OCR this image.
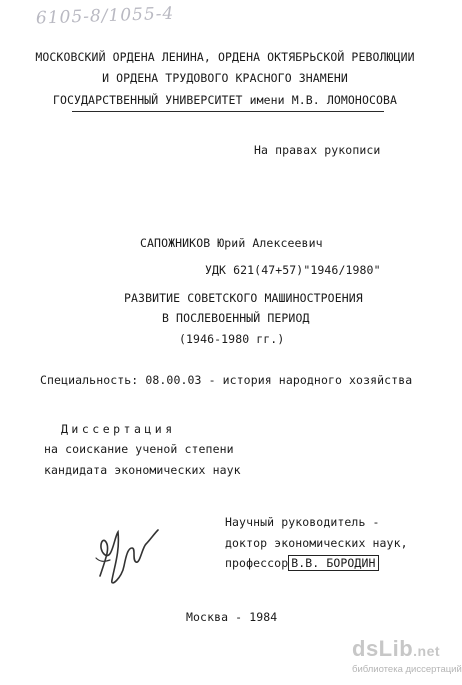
6105-8/1055-4
МОСКОВСКИЙ ОРДЕНА ЛЕНИНА, ОРДЕНА ОКТЯБРЬСКОЙ РЕВОЛЮЦИИ
И ОРДЕНА ТРУДОВОГО КРАСНОГО ЗНАМЕНИ
ГОСУДАРСТВЕННЫЙ УНИВЕРСИТЕТ имени М.В. ЛОМОНОСОВА
На правах рукописи
САПОЖНИКОВ Юрий Алексеевич
УДК 621(47+57)"1946/1980"
РАЗВИТИЕ СОВЕТСКОГО МАШИНОСТРОЕНИЯ
В ПОСЛЕВОЕННЫЙ ПЕРИОД
(1946-1980 гг.)
Специальность: 08.00.03 - история народного хозяйства
Диссертация
на соискание ученой степени
кандидата экономических наук
Научный руководитель -
доктор экономических наук,
профессор В.В. БОРОДИН
Москва - 1984
dsLib.net
библиотека диссертаций
